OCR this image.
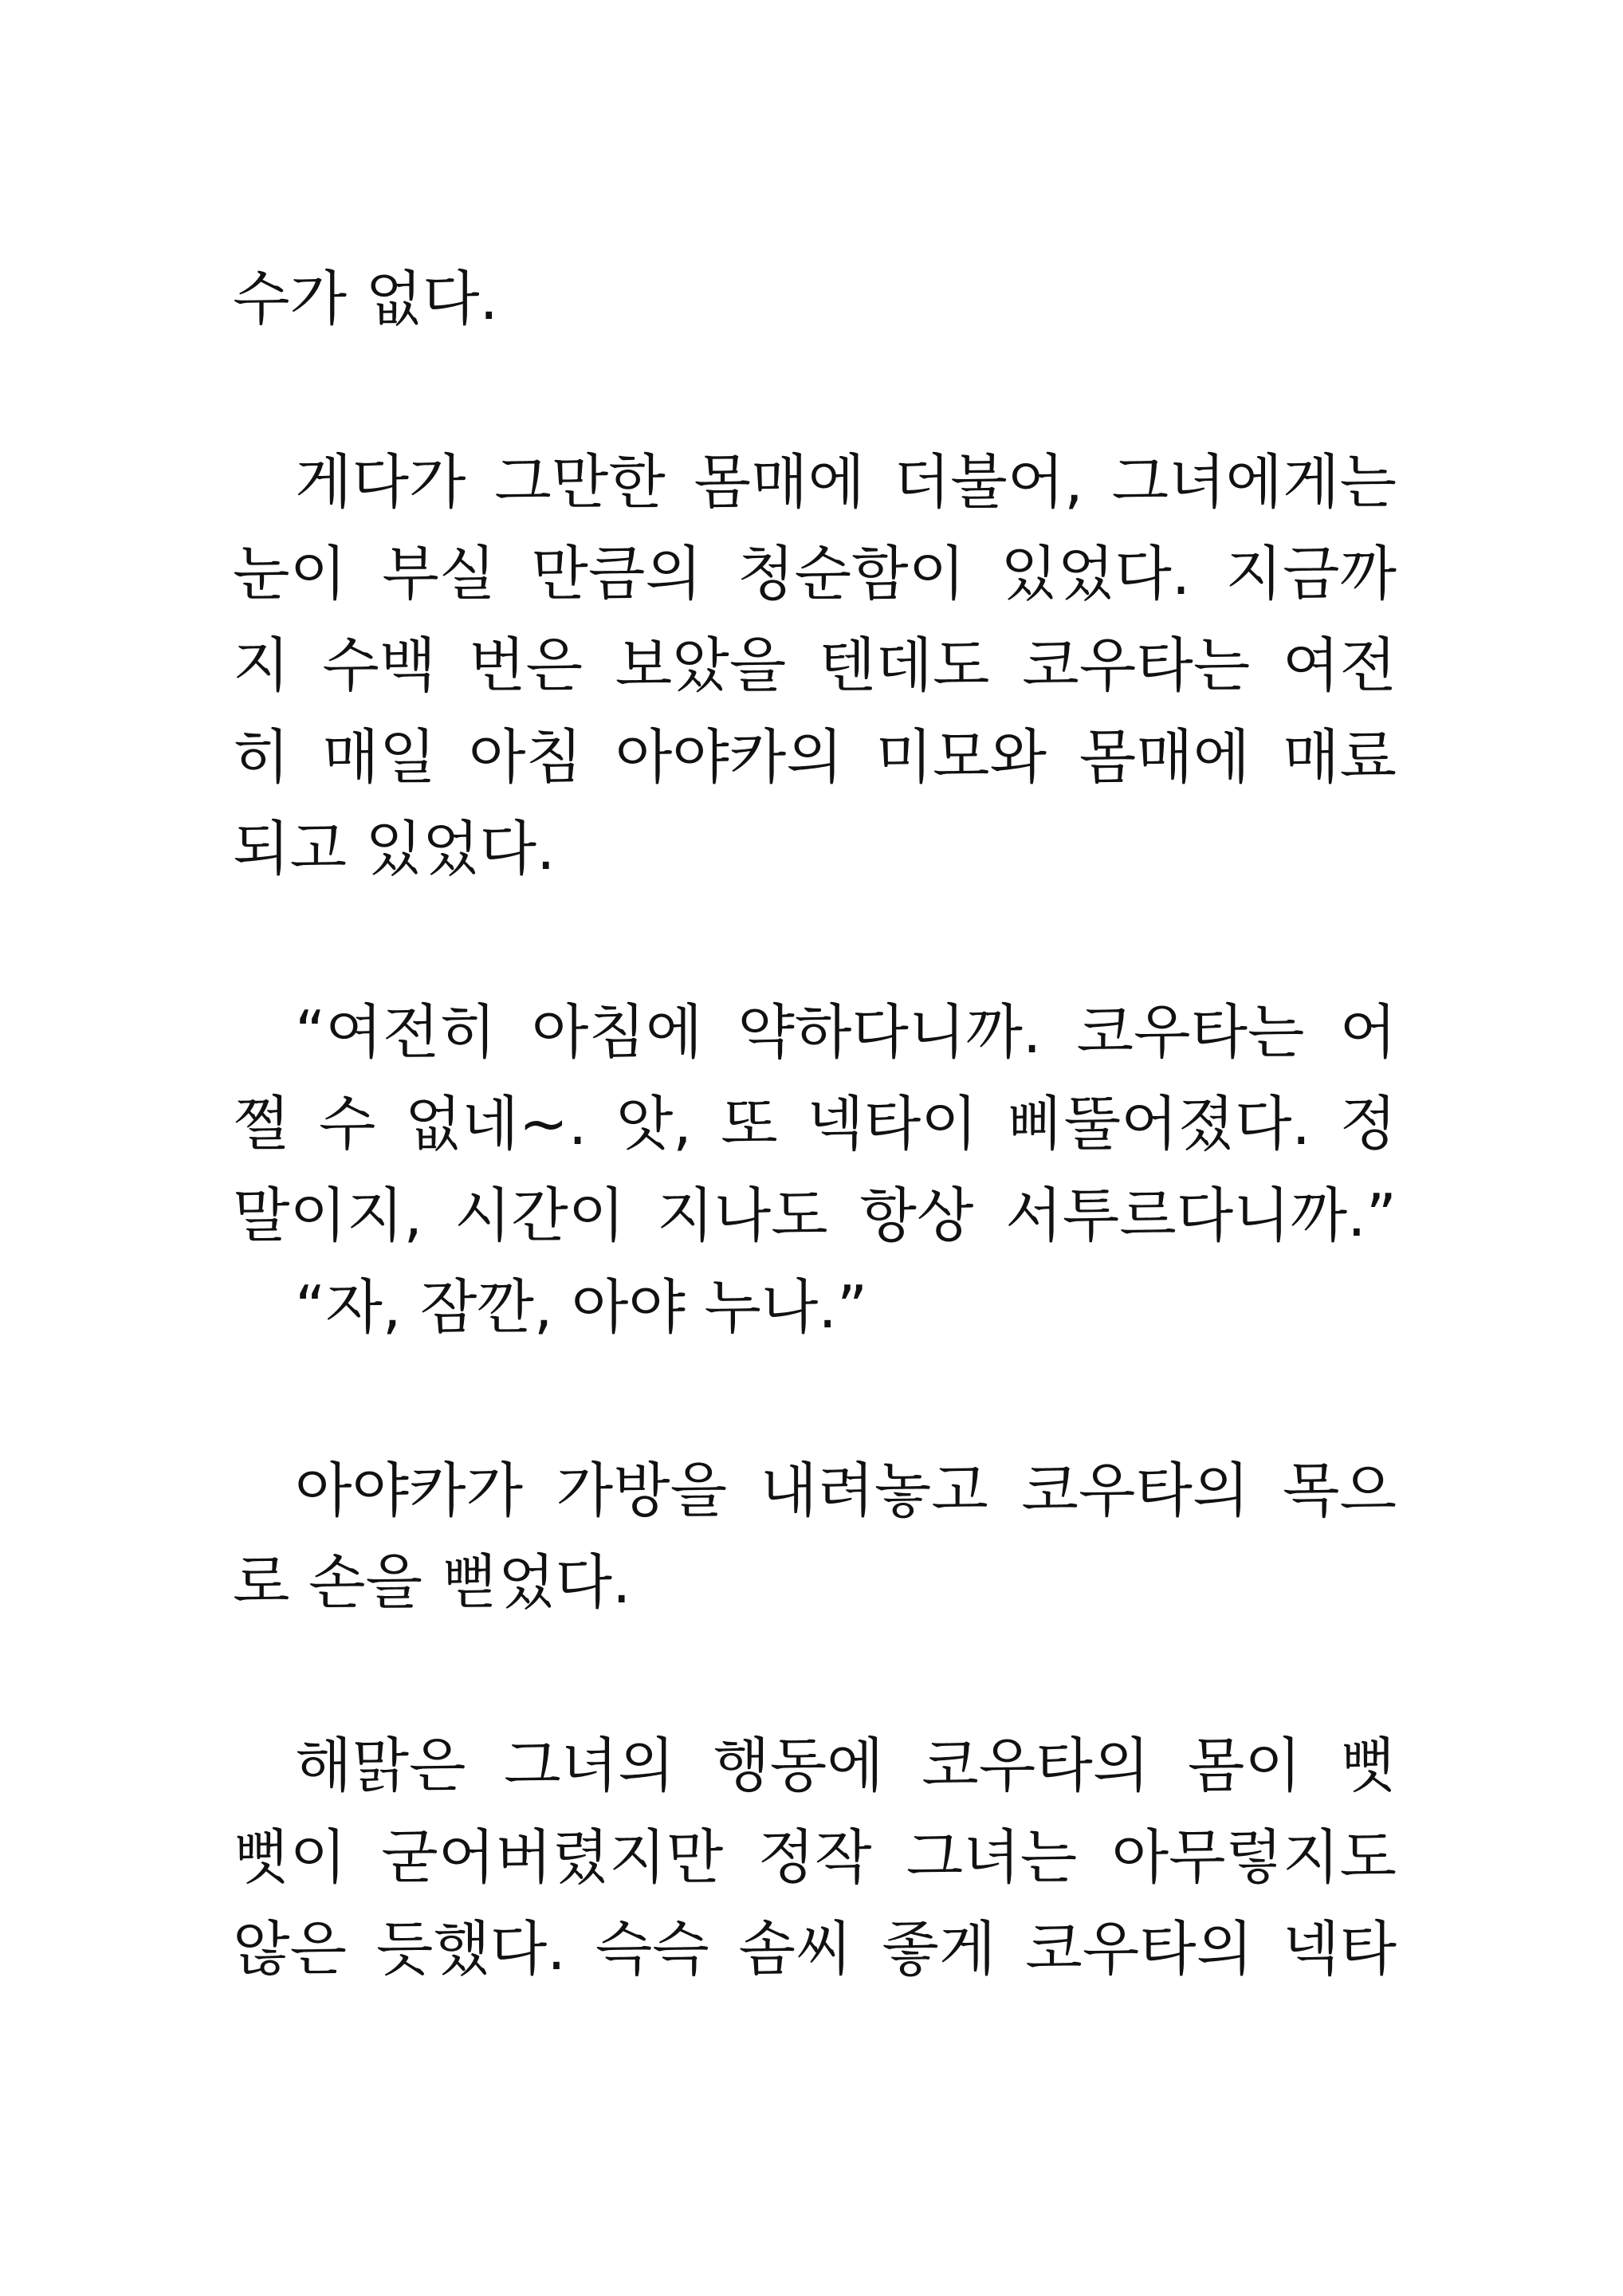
수가 없다.
게다가 그만한 몸매에 더불어, 그녀에게는
눈이 부실 만큼의 청순함이 있었다. 지금까
지 수백 번은 보았을 텐데도 코우타는 여전
히 매일 아침 아야카의 미모와 몸매에 매료
되고 있었다.
“여전히 아침에 약하다니까. 코우타는 어
쩔 수 없네~. 앗, 또 넥타이 삐뚤어졌다. 정
말이지, 시간이 지나도 항상 서투르다니까.”
“자, 잠깐, 아야 누나.”
아야카가 가방을 내려놓고 코우타의 목으
로 손을 뻗었다.
해맑은 그녀의 행동에 코우타의 몸이 뻣
뻣이 굳어버렸지만 정작 그녀는 아무렇지도
않은 듯했다. 슥슥 솜씨 좋게 코우타의 넥타
